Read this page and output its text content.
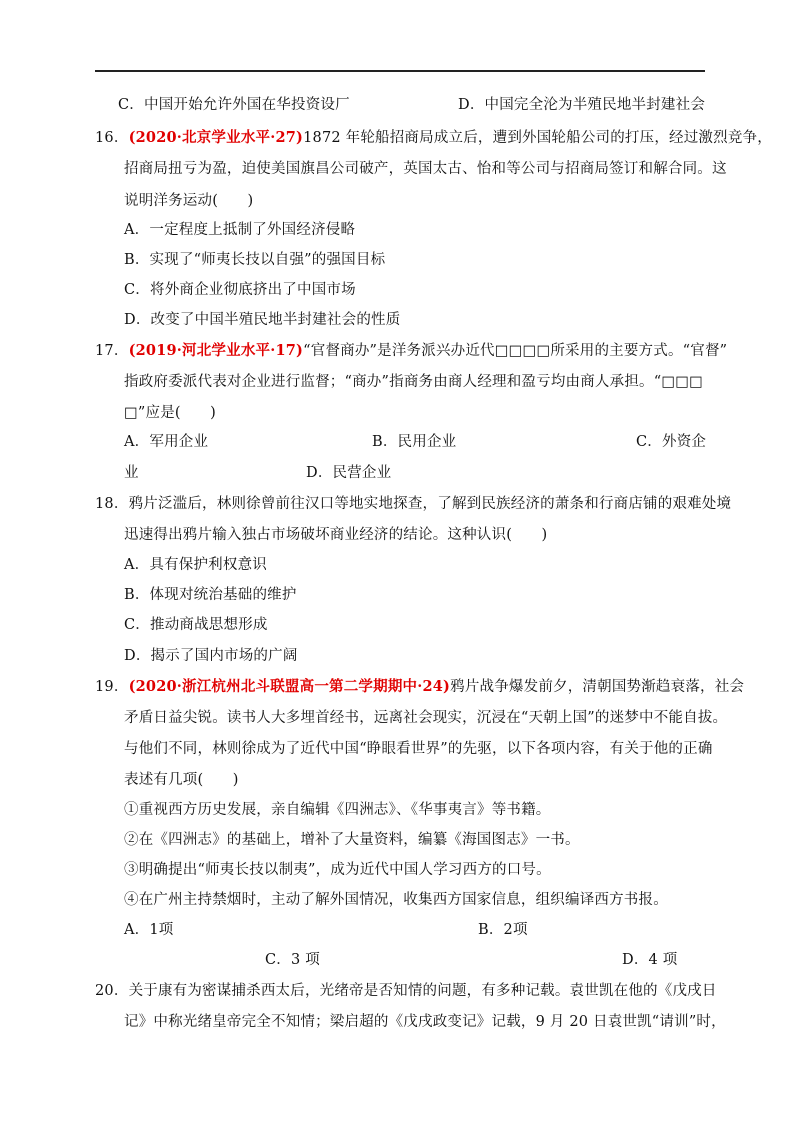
C．中国开始允许外国在华投资设厂	D．中国完全沦为半殖民地半封建社会
16．(2020·北京学业水平·27)1872 年轮船招商局成立后，遭到外国轮船公司的打压，经过激烈竞争，
招商局扭亏为盈，迫使美国旗昌公司破产，英国太古、怡和等公司与招商局签订和解合同。这
说明洋务运动(　　)
A．一定程度上抵制了外国经济侵略
B．实现了“师夷长技以自强”的强国目标
C．将外商企业彻底挤出了中国市场
D．改变了中国半殖民地半封建社会的性质
17．(2019·河北学业水平·17)“官督商办”是洋务派兴办近代□□□□所采用的主要方式。“官督”
指政府委派代表对企业进行监督；“商办”指商务由商人经理和盈亏均由商人承担。“□□□
□”应是(　　)
A．军用企业	B．民用企业	C．外资企
业	D．民营企业
18．鸦片泛滥后，林则徐曾前往汉口等地实地探查，了解到民族经济的萧条和行商店铺的艰难处境
迅速得出鸦片输入独占市场破坏商业经济的结论。这种认识(　　)
A．具有保护利权意识
B．体现对统治基础的维护
C．推动商战思想形成
D．揭示了国内市场的广阔
19．(2020·浙江杭州北斗联盟高一第二学期期中·24)鸦片战争爆发前夕，清朝国势渐趋衰落，社会
矛盾日益尖锐。读书人大多埋首经书，远离社会现实，沉浸在“天朝上国”的迷梦中不能自拔。
与他们不同，林则徐成为了近代中国“睁眼看世界”的先驱，以下各项内容，有关于他的正确
表述有几项(　　)
①重视西方历史发展，亲自编辑《四洲志》、《华事夷言》等书籍。
②在《四洲志》的基础上，增补了大量资料，编纂《海国图志》一书。
③明确提出“师夷长技以制夷”，成为近代中国人学习西方的口号。
④在广州主持禁烟时，主动了解外国情况，收集西方国家信息，组织编译西方书报。
A．1项	B．2项
C．3 项	D．4 项
20．关于康有为密谋捕杀西太后，光绪帝是否知情的问题，有多种记载。袁世凯在他的《戊戌日
记》中称光绪皇帝完全不知情；梁启超的《戊戌政变记》记载，9 月 20 日袁世凯“请训”时，
